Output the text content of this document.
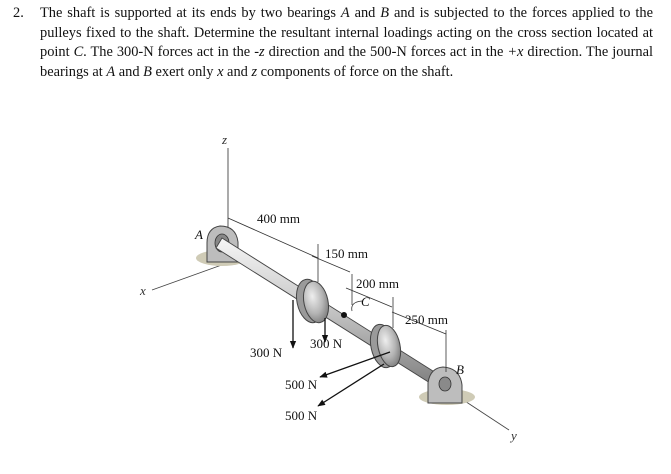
2. The shaft is supported at its ends by two bearings A and B and is subjected to the forces applied to the pulleys fixed to the shaft. Determine the resultant internal loadings acting on the cross section located at point C. The 300-N forces act in the -z direction and the 500-N forces act in the +x direction. The journal bearings at A and B exert only x and z components of force on the shaft.
z
x
y
A
B
C
400 mm
150 mm
200 mm
250 mm
300 N
300 N
500 N
500 N
